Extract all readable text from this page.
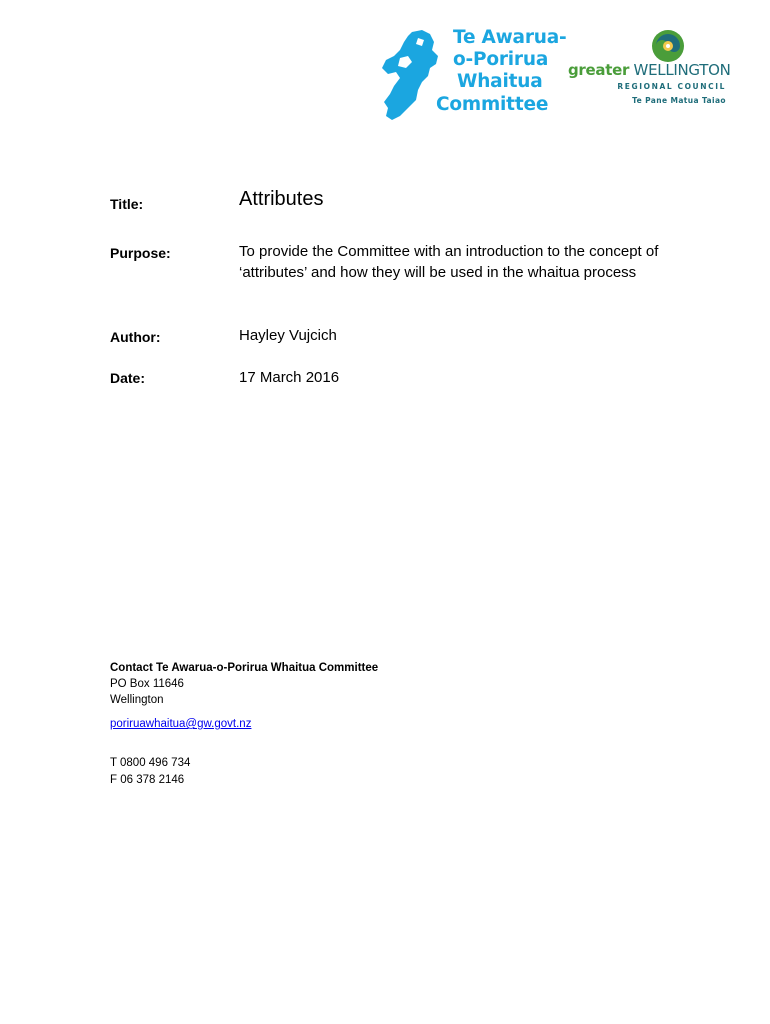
Te Awarua-
o-Porirua
Whaitua
Committee
greater WELLINGTON
REGIONAL COUNCIL
Te Pane Matua Taiao
Title:	Attributes
Purpose:	To provide the Committee with an introduction to the concept of ‘attributes’ and how they will be used in the whaitua process
Author:	Hayley Vujcich
Date:	17 March 2016
Contact Te Awarua-o-Porirua Whaitua Committee
PO Box 11646
Wellington
poriruawhaitua@gw.govt.nz
T 0800 496 734
F 06 378 2146
